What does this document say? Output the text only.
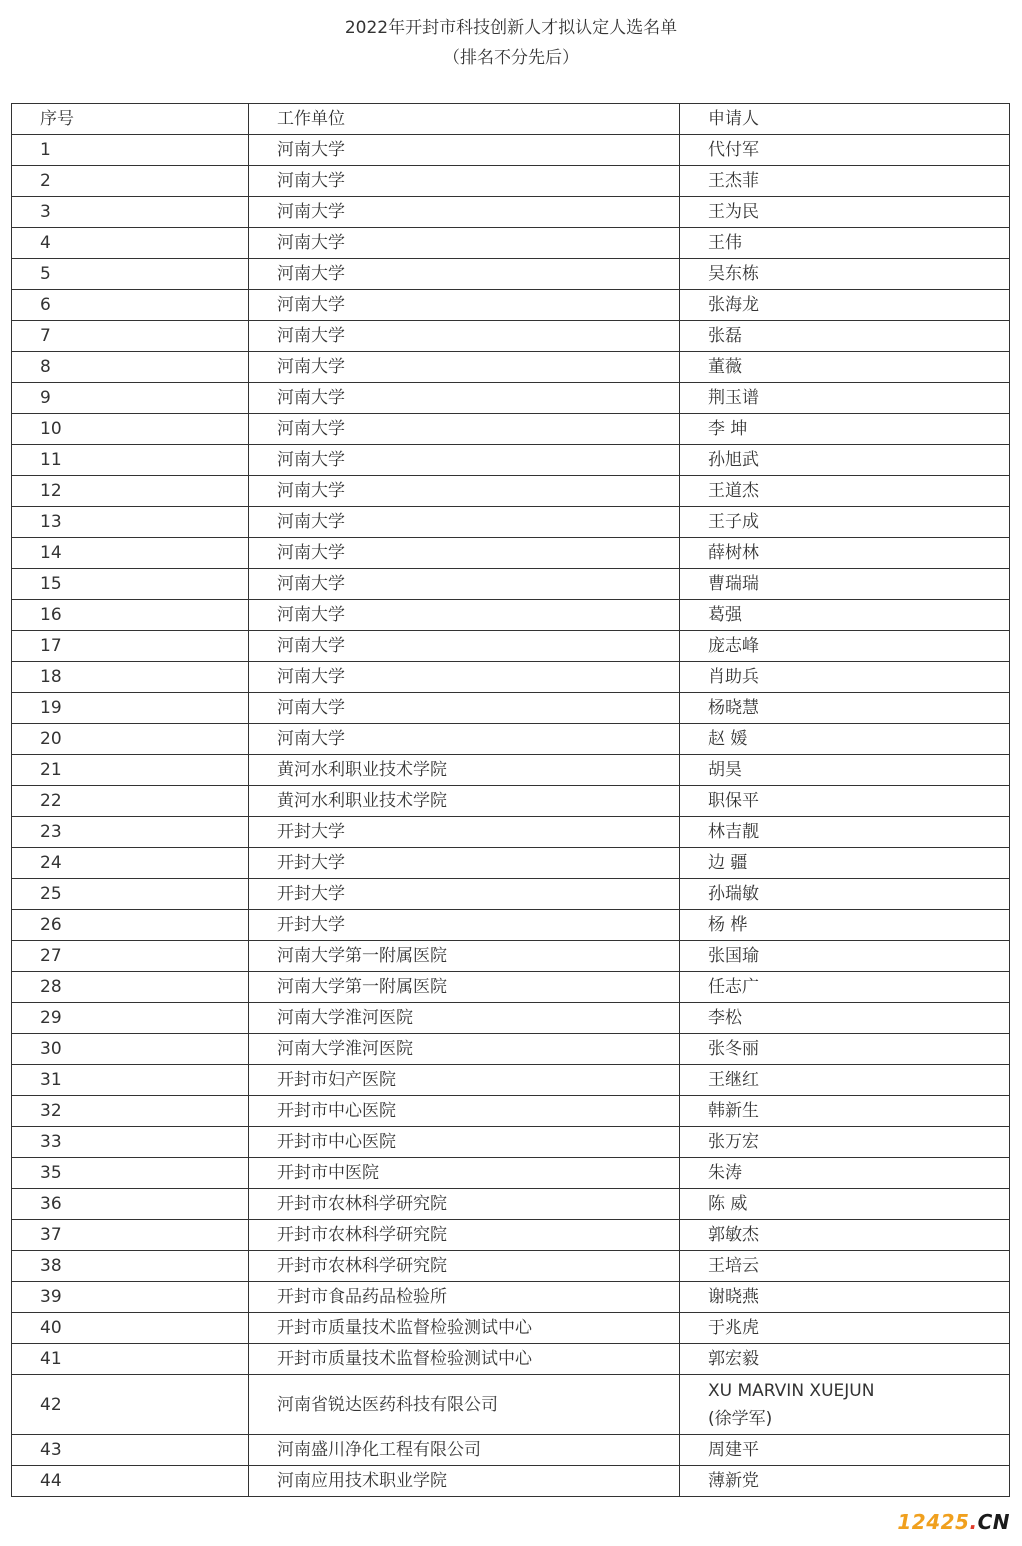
2022年开封市科技创新人才拟认定人选名单
（排名不分先后）
序号	工作单位	申请人
1	河南大学	代付军
2	河南大学	王杰菲
3	河南大学	王为民
4	河南大学	王伟
5	河南大学	吴东栋
6	河南大学	张海龙
7	河南大学	张磊
8	河南大学	董薇
9	河南大学	荆玉谱
10	河南大学	李 坤
11	河南大学	孙旭武
12	河南大学	王道杰
13	河南大学	王子成
14	河南大学	薛树林
15	河南大学	曹瑞瑞
16	河南大学	葛强
17	河南大学	庞志峰
18	河南大学	肖助兵
19	河南大学	杨晓慧
20	河南大学	赵 媛
21	黄河水利职业技术学院	胡昊
22	黄河水利职业技术学院	职保平
23	开封大学	林吉靓
24	开封大学	边 疆
25	开封大学	孙瑞敏
26	开封大学	杨 桦
27	河南大学第一附属医院	张国瑜
28	河南大学第一附属医院	任志广
29	河南大学淮河医院	李松
30	河南大学淮河医院	张冬丽
31	开封市妇产医院	王继红
32	开封市中心医院	韩新生
33	开封市中心医院	张万宏
35	开封市中医院	朱涛
36	开封市农林科学研究院	陈 威
37	开封市农林科学研究院	郭敏杰
38	开封市农林科学研究院	王培云
39	开封市食品药品检验所	谢晓燕
40	开封市质量技术监督检验测试中心	于兆虎
41	开封市质量技术监督检验测试中心	郭宏毅
42	河南省锐达医药科技有限公司	XU MARVIN XUEJUN
(徐学军)
43	河南盛川净化工程有限公司	周建平
44	河南应用技术职业学院	薄新党
12425.CN
